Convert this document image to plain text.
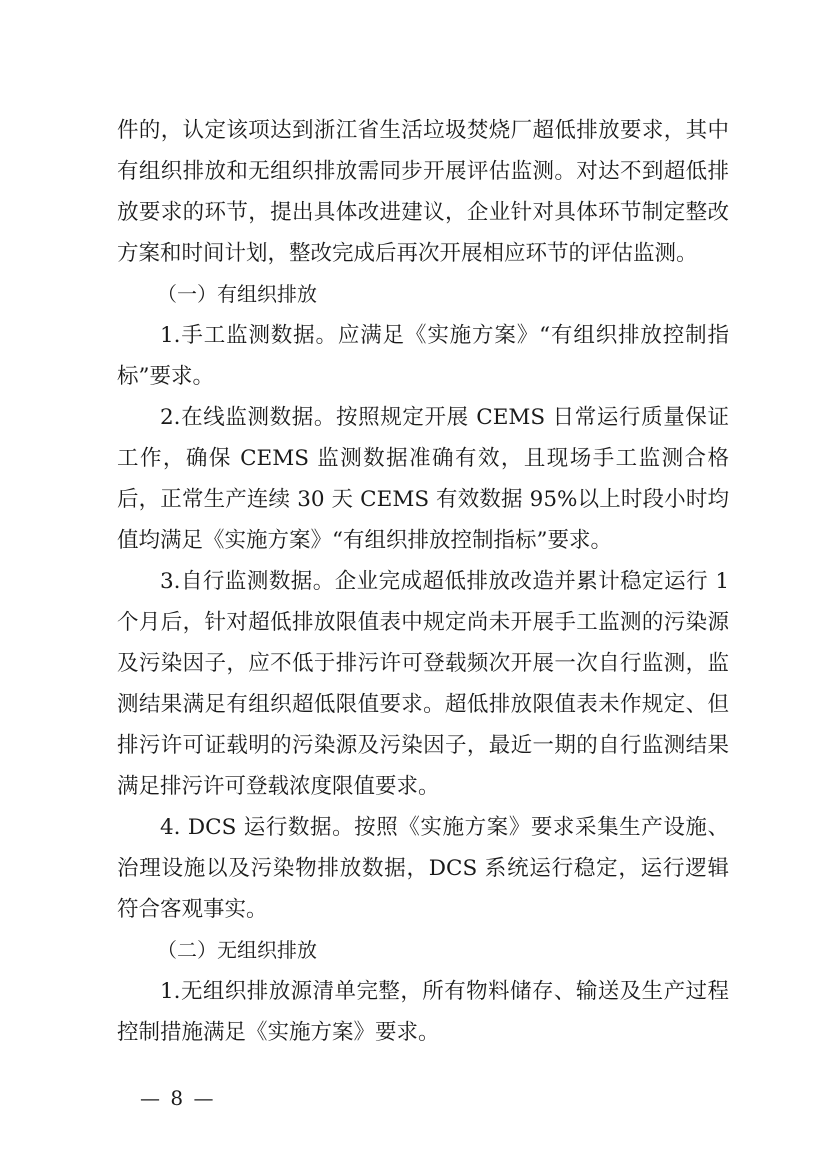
件的，认定该项达到浙江省生活垃圾焚烧厂超低排放要求，其中有组织排放和无组织排放需同步开展评估监测。对达不到超低排放要求的环节，提出具体改进建议，企业针对具体环节制定整改方案和时间计划，整改完成后再次开展相应环节的评估监测。

（一）有组织排放

1.手工监测数据。应满足《实施方案》“有组织排放控制指标”要求。

2.在线监测数据。按照规定开展 CEMS 日常运行质量保证工作，确保 CEMS 监测数据准确有效，且现场手工监测合格后，正常生产连续 30 天 CEMS 有效数据 95%以上时段小时均值均满足《实施方案》“有组织排放控制指标”要求。

3.自行监测数据。企业完成超低排放改造并累计稳定运行 1 个月后，针对超低排放限值表中规定尚未开展手工监测的污染源及污染因子，应不低于排污许可登载频次开展一次自行监测，监测结果满足有组织超低限值要求。超低排放限值表未作规定、但排污许可证载明的污染源及污染因子，最近一期的自行监测结果满足排污许可登载浓度限值要求。

4. DCS 运行数据。按照《实施方案》要求采集生产设施、治理设施以及污染物排放数据，DCS 系统运行稳定，运行逻辑符合客观事实。

（二）无组织排放

1.无组织排放源清单完整，所有物料储存、输送及生产过程控制措施满足《实施方案》要求。

— 8 —
